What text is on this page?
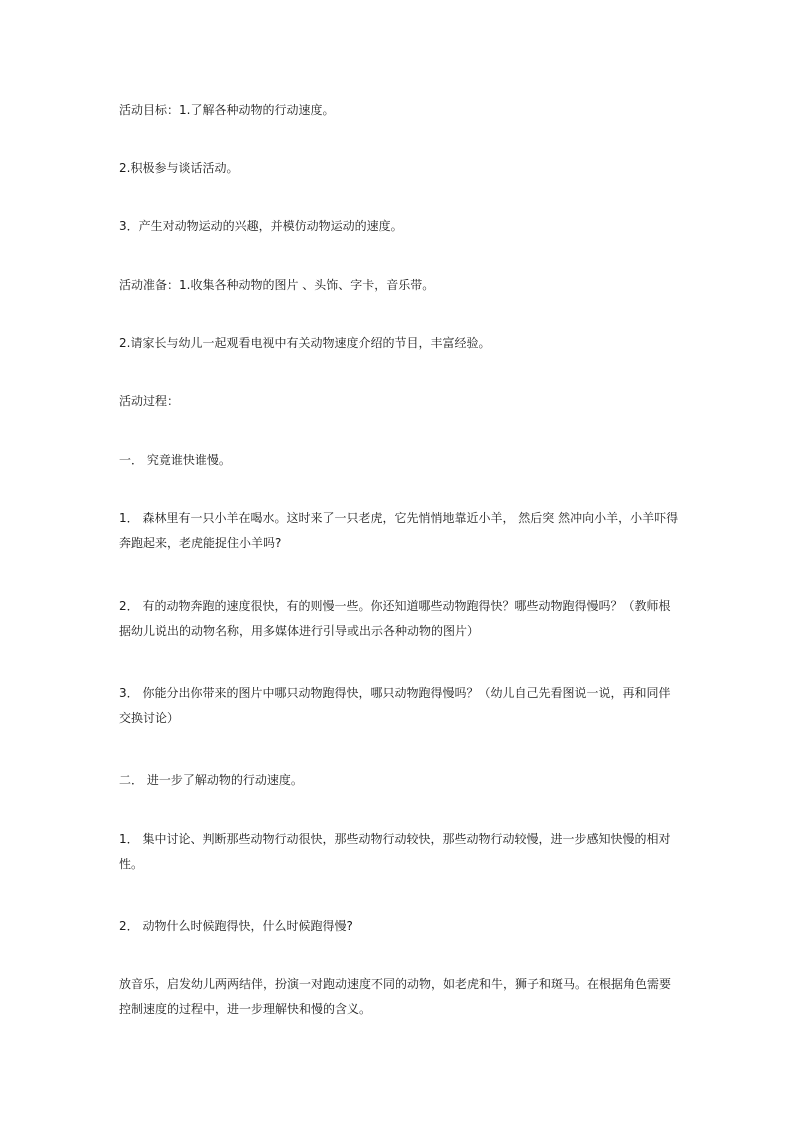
活动目标：1.了解各种动物的行动速度。

2.积极参与谈话活动。

3．产生对动物运动的兴趣，并模仿动物运动的速度。

活动准备：1.收集各种动物的图片 、头饰、字卡，音乐带。

2.请家长与幼儿一起观看电视中有关动物速度介绍的节目，丰富经验。

活动过程：

一． 究竟谁快谁慢。

1． 森林里有一只小羊在喝水。这时来了一只老虎，它先悄悄地靠近小羊， 然后突 然冲向小羊，小羊吓得奔跑起来，老虎能捉住小羊吗?

2． 有的动物奔跑的速度很快，有的则慢一些。你还知道哪些动物跑得快？哪些动物跑得慢吗？（教师根据幼儿说出的动物名称，用多媒体进行引导或出示各种动物的图片）

3． 你能分出你带来的图片中哪只动物跑得快，哪只动物跑得慢吗？（幼儿自己先看图说一说，再和同伴交换讨论）

二． 进一步了解动物的行动速度。

1． 集中讨论、判断那些动物行动很快，那些动物行动较快，那些动物行动较慢，进一步感知快慢的相对性。

2． 动物什么时候跑得快，什么时候跑得慢?

放音乐，启发幼儿两两结伴，扮演一对跑动速度不同的动物，如老虎和牛，狮子和斑马。在根据角色需要控制速度的过程中，进一步理解快和慢的含义。
